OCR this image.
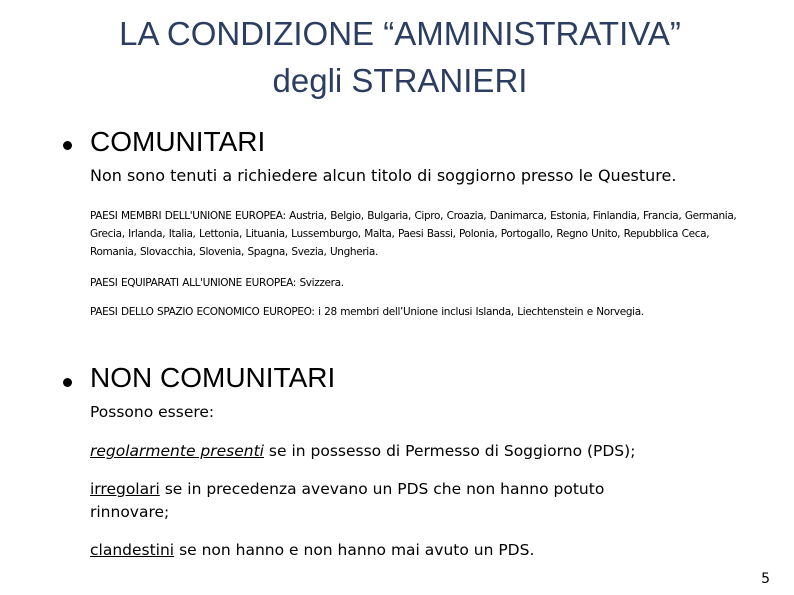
LA CONDIZIONE “AMMINISTRATIVA”
degli STRANIERI
COMUNITARI
Non sono tenuti a richiedere alcun titolo di soggiorno presso le Questure.
PAESI MEMBRI DELL'UNIONE EUROPEA: Austria, Belgio, Bulgaria, Cipro, Croazia, Danimarca, Estonia, Finlandia, Francia, Germania, Grecia, Irlanda, Italia, Lettonia, Lituania, Lussemburgo, Malta, Paesi Bassi, Polonia, Portogallo, Regno Unito, Repubblica Ceca, Romania, Slovacchia, Slovenia, Spagna, Svezia, Ungheria.
PAESI EQUIPARATI ALL'UNIONE EUROPEA: Svizzera.
PAESI DELLO SPAZIO ECONOMICO EUROPEO: i 28 membri dell’Unione inclusi Islanda, Liechtenstein e Norvegia.
NON COMUNITARI
Possono essere:
regolarmente presenti se in possesso di Permesso di Soggiorno (PDS);
irregolari se in precedenza avevano un PDS che non hanno potuto rinnovare;
clandestini se non hanno e non hanno mai avuto un PDS.
5
